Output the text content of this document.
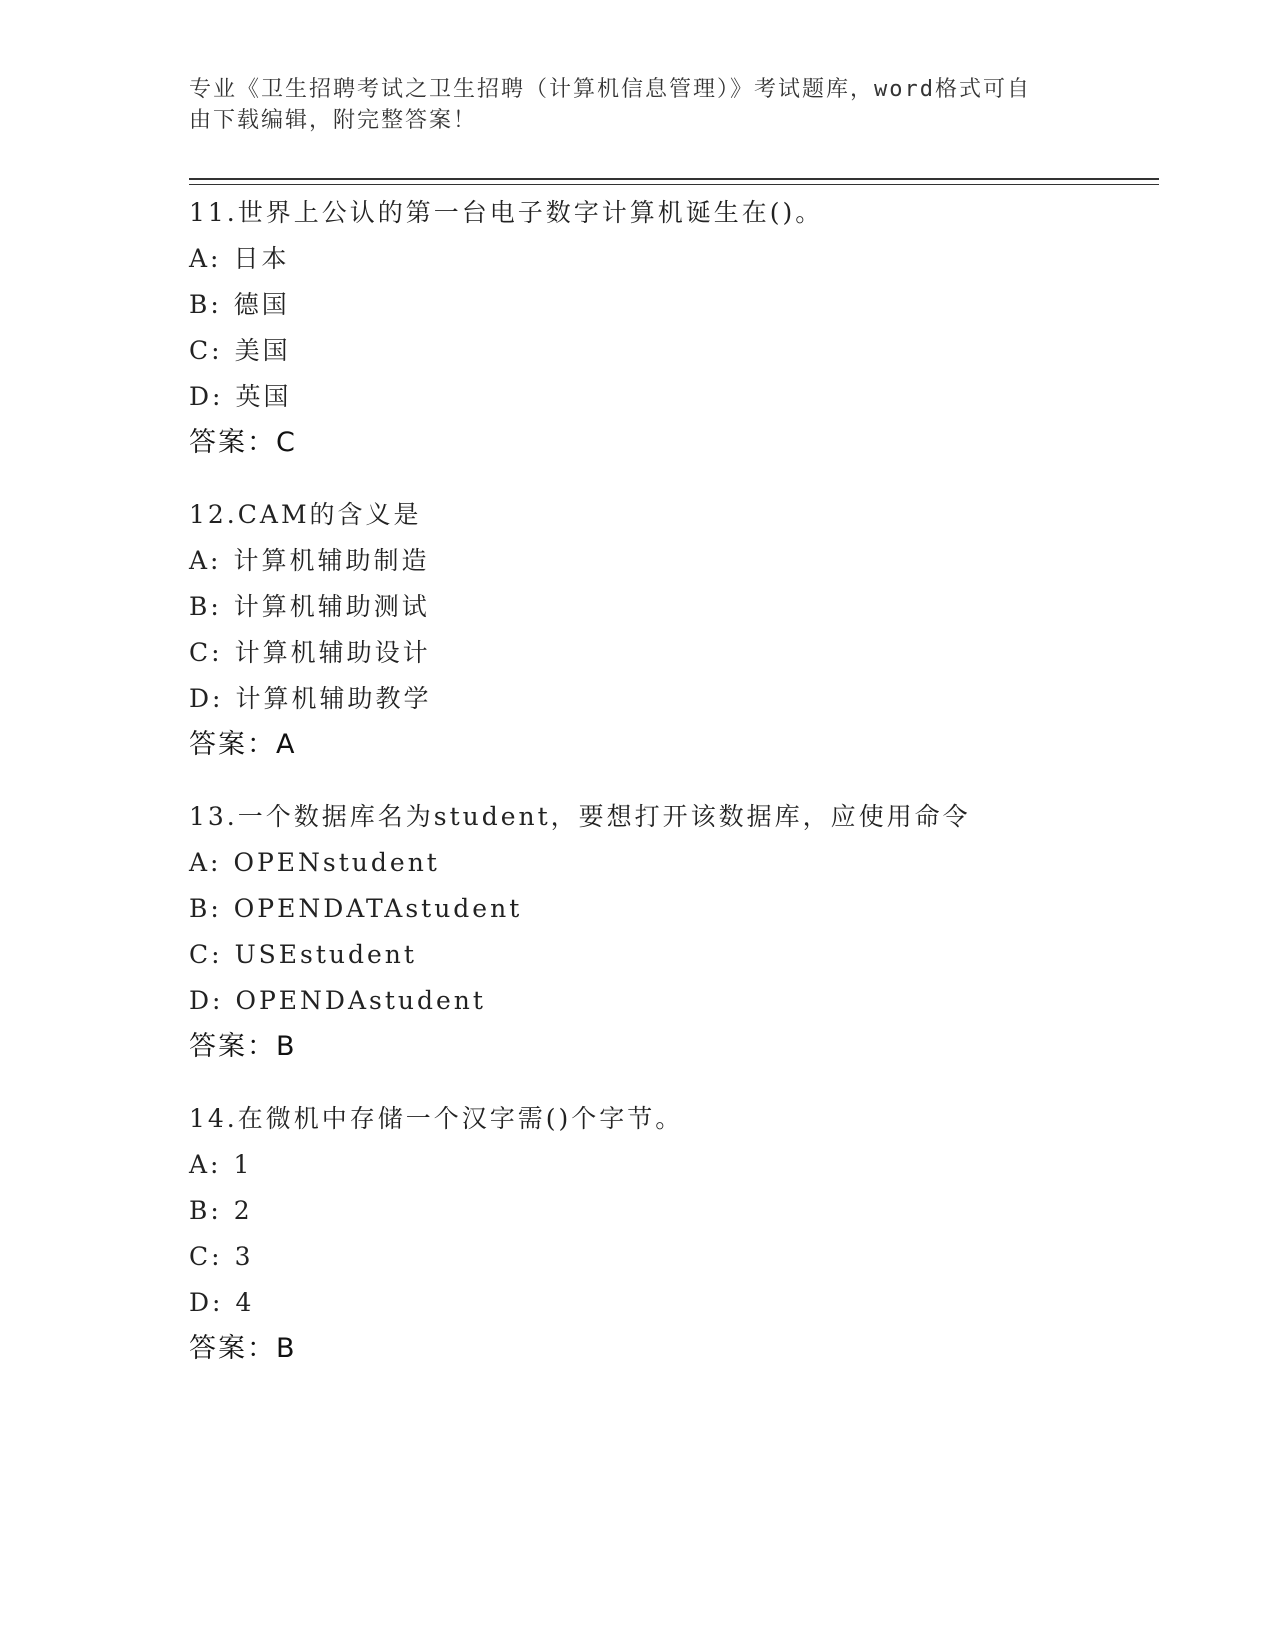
专业《卫生招聘考试之卫生招聘（计算机信息管理）》考试题库，word格式可自
由下载编辑，附完整答案！
11.世界上公认的第一台电子数字计算机诞生在()。
A: 日本
B: 德国
C: 美国
D: 英国
答案：C
12.CAM的含义是
A: 计算机辅助制造
B: 计算机辅助测试
C: 计算机辅助设计
D: 计算机辅助教学
答案：A
13.一个数据库名为student，要想打开该数据库，应使用命令
A: OPENstudent
B: OPENDATAstudent
C: USEstudent
D: OPENDAstudent
答案：B
14.在微机中存储一个汉字需()个字节。
A: 1
B: 2
C: 3
D: 4
答案：B
